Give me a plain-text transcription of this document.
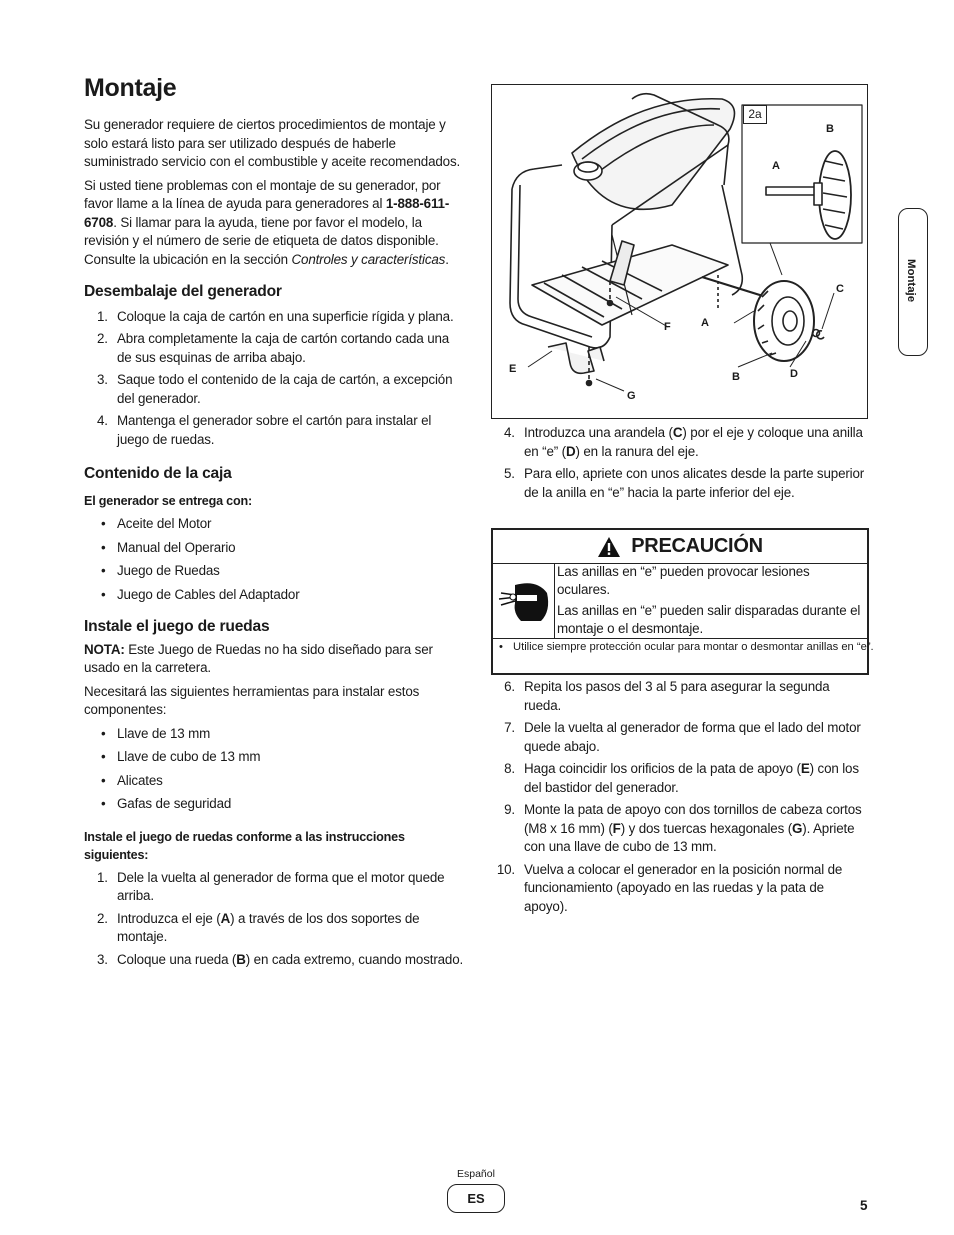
Montaje

Su generador requiere de ciertos procedimientos de montaje y solo estará listo para ser utilizado después de haberle suministrado servicio con el combustible y aceite recomendados.

Si usted tiene problemas con el montaje de su generador, por favor llame a la línea de ayuda para generadores al 1-888-611-6708. Si llamar para la ayuda, tiene por favor el modelo, la revisión y el número de serie de etiqueta de datos disponible. Consulte la ubicación en la sección Controles y características.

Desembalaje del generador
1. Coloque la caja de cartón en una superficie rígida y plana.
2. Abra completamente la caja de cartón cortando cada una de sus esquinas de arriba abajo.
3. Saque todo el contenido de la caja de cartón, a excepción del generador.
4. Mantenga el generador sobre el cartón para instalar el juego de ruedas.
Contenido de la caja
El generador se entrega con:
• Aceite del Motor
• Manual del Operario
• Juego de Ruedas
• Juego de Cables del Adaptador
Instale el juego de ruedas

NOTA: Este Juego de Ruedas no ha sido diseñado para ser usado en la carretera.

Necesitará las siguientes herramientas para instalar estos componentes:

• Llave de 13 mm
• Llave de cubo de 13 mm
• Alicates
• Gafas de seguridad
Instale el juego de ruedas conforme a las instrucciones siguientes:
1. Dele la vuelta al generador de forma que el motor quede arriba.
2. Introduzca el eje (A) a través de los dos soportes de montaje.
3. Coloque una rueda (B) en cada extremo, cuando mostrado.
2a
A
B
C
A
F
E
G
B	D
4. Introduzca una arandela (C) por el eje y coloque una anilla en “e” (D) en la ranura del eje.
5. Para ello, apriete con unos alicates desde la parte superior de la anilla en “e” hacia la parte inferior del eje.
PRECAUCIÓN

Las anillas en “e” pueden provocar lesiones oculares.

Las anillas en “e” pueden salir disparadas durante el montaje o el desmontaje.

• Utilice siempre protección ocular para montar o desmontar anillas en “e”.
6. Repita los pasos del 3 al 5 para asegurar la segunda rueda.
7. Dele la vuelta al generador de forma que el lado del motor quede abajo.
8. Haga coincidir los orificios de la pata de apoyo (E) con los del bastidor del generador.
9. Monte la pata de apoyo con dos tornillos de cabeza cortos (M8 x 16 mm) (F) y dos tuercas hexagonales (G). Apriete con una llave de cubo de 13 mm.
10. Vuelva a colocar el generador en la posición normal de funcionamiento (apoyado en las ruedas y la pata de apoyo).
Montaje
Español
ES	5
